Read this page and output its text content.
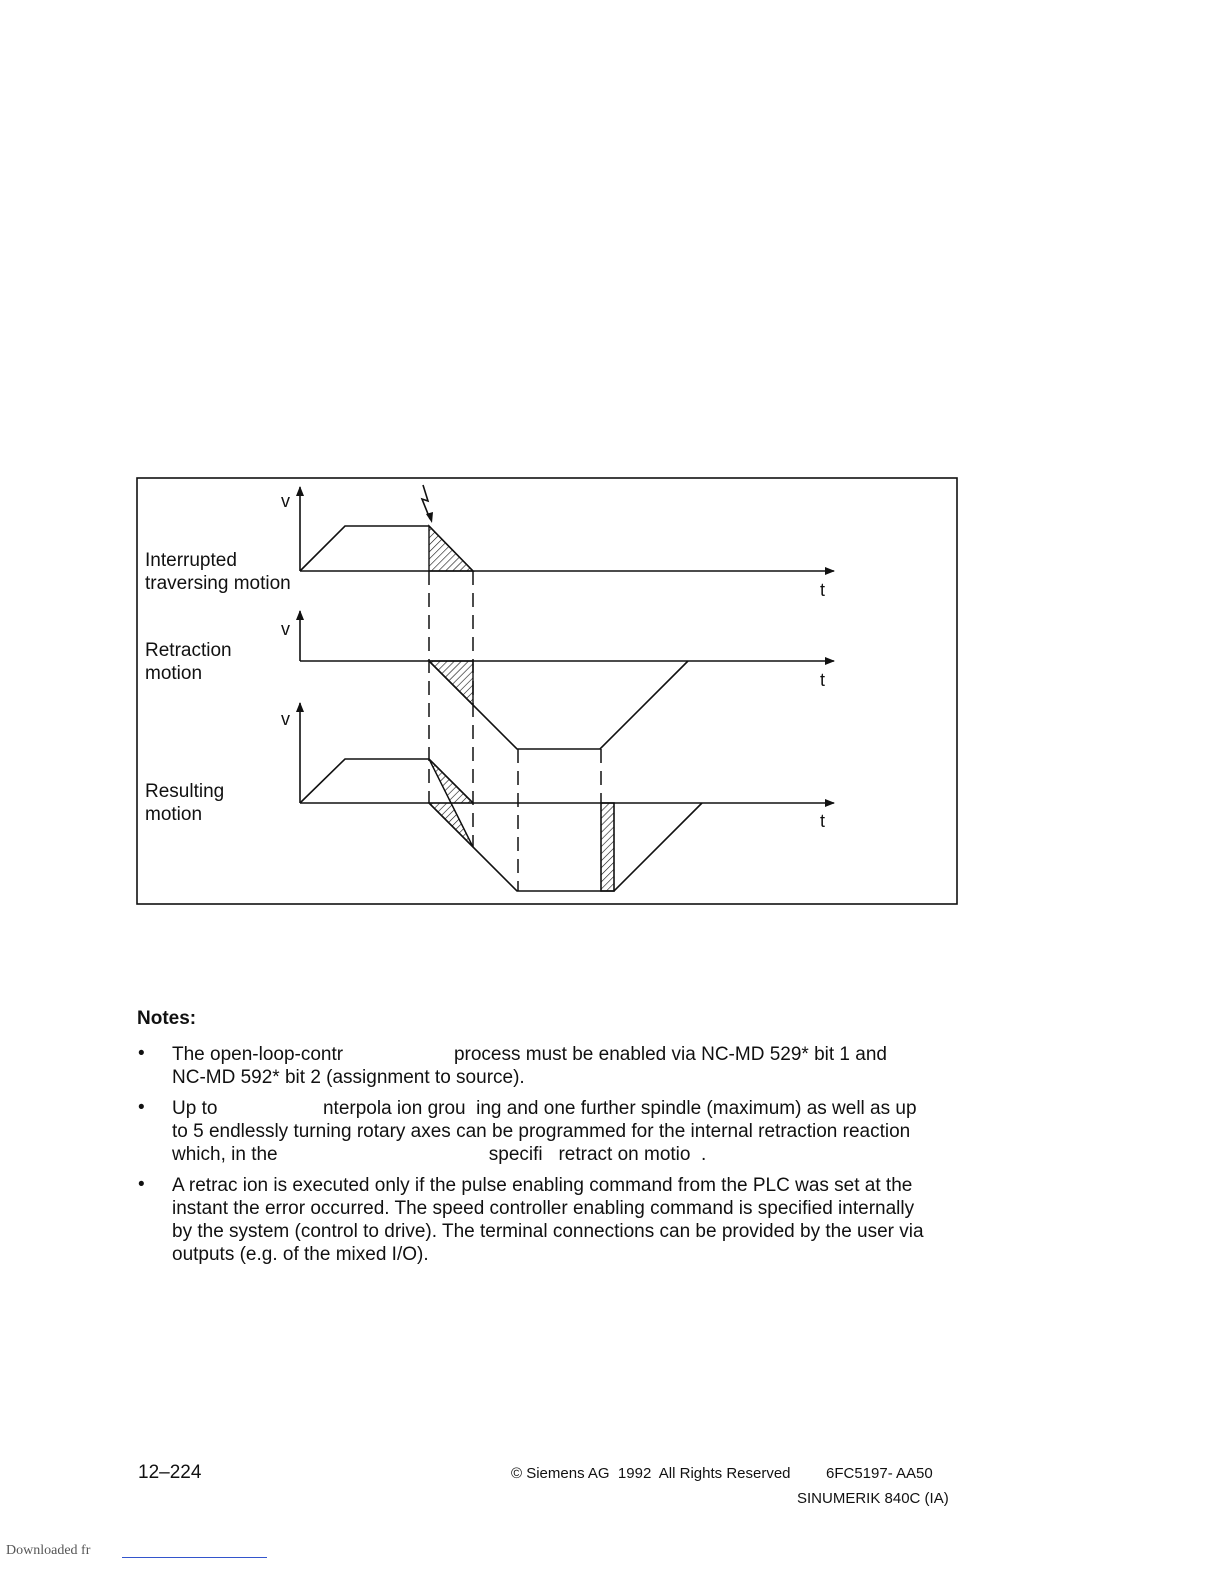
Interrupted
traversing motion
Retraction
motion
Resulting
motion
v
v
v
t
t
t
Notes:
• The open-loop-contr                     process must be enabled via NC-MD 529* bit 1 and
NC-MD 592* bit 2 (assignment to source).
• Up to                    nterpola ion grou  ing and one further spindle (maximum) as well as up
to 5 endlessly turning rotary axes can be programmed for the internal retraction reaction
which, in the                                        specifi   retract on motio  .
• A retrac ion is executed only if the pulse enabling command from the PLC was set at the
instant the error occurred. The speed controller enabling command is specified internally
by the system (control to drive). The terminal connections can be provided by the user via
outputs (e.g. of the mixed I/O).
12–224	© Siemens AG  1992  All Rights Reserved 6FC5197- AA50
SINUMERIK 840C (IA)
Downloaded fr
